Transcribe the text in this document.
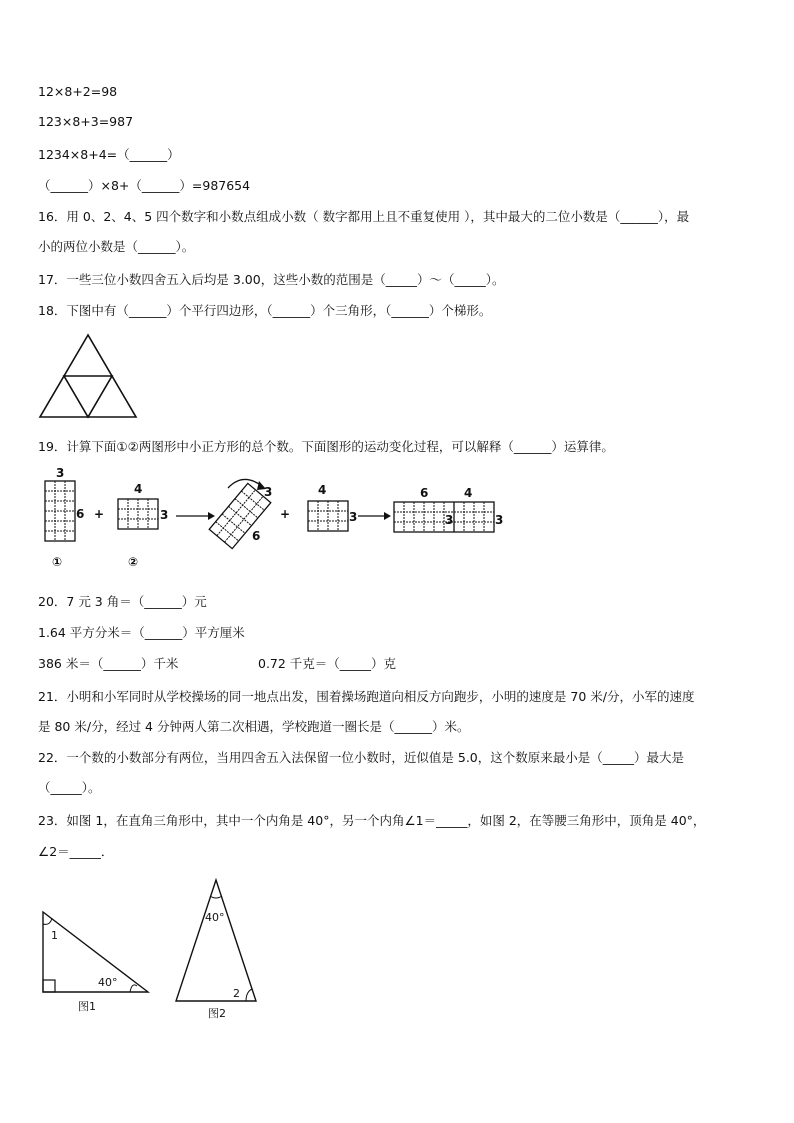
12×8+2=98
123×8+3=987
1234×8+4=（______）
（______）×8+（______）=987654
16．用 0、2、4、5 四个数字和小数点组成小数（ 数字都用上且不重复使用 ），其中最大的二位小数是（______），最
小的两位小数是（______）。
17．一些三位小数四舍五入后均是 3.00，这些小数的范围是（_____）～（_____）。
18．下图中有（______）个平行四边形，（______）个三角形，（______）个梯形。
19．计算下面①②两图形中小正方形的总个数。下面图形的运动变化过程，可以解释（______）运算律。
3
6
①
+
4
3
②
3
6
+
4
3
6	4
3	3
20．7 元 3 角＝（______）元
1.64 平方分米＝（______）平方厘米
386 米＝（______）千米	0.72 千克＝（_____）克
21．小明和小军同时从学校操场的同一地点出发，围着操场跑道向相反方向跑步，小明的速度是 70 米/分，小军的速度
是 80 米/分，经过 4 分钟两人第二次相遇，学校跑道一圈长是（______）米。
22．一个数的小数部分有两位，当用四舍五入法保留一位小数时，近似值是 5.0，这个数原来最小是（_____）最大是
（_____）。
23．如图 1，在直角三角形中，其中一个内角是 40°，另一个内角∠1＝_____，如图 2，在等腰三角形中，顶角是 40°，
∠2＝_____．
1
40°
图1
40°
2
图2
